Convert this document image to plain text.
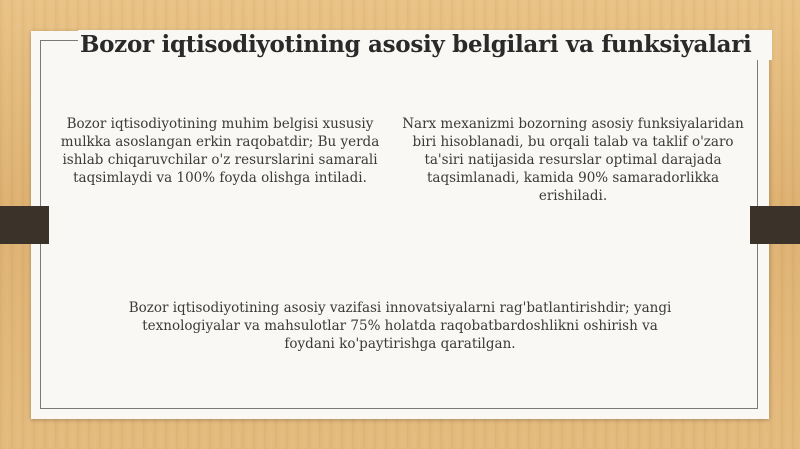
Bozor iqtisodiyotining asosiy belgilari va funksiyalari
Bozor iqtisodiyotining muhim belgisi xususiy mulkka asoslangan erkin raqobatdir; Bu yerda ishlab chiqaruvchilar o'z resurslarini samarali taqsimlaydi va 100% foyda olishga intiladi.
Narx mexanizmi bozorning asosiy funksiyalaridan biri hisoblanadi, bu orqali talab va taklif o'zaro ta'siri natijasida resurslar optimal darajada taqsimlanadi, kamida 90% samaradorlikka erishiladi.
Bozor iqtisodiyotining asosiy vazifasi innovatsiyalarni rag'batlantirishdir; yangi texnologiyalar va mahsulotlar 75% holatda raqobatbardoshlikni oshirish va foydani ko'paytirishga qaratilgan.
